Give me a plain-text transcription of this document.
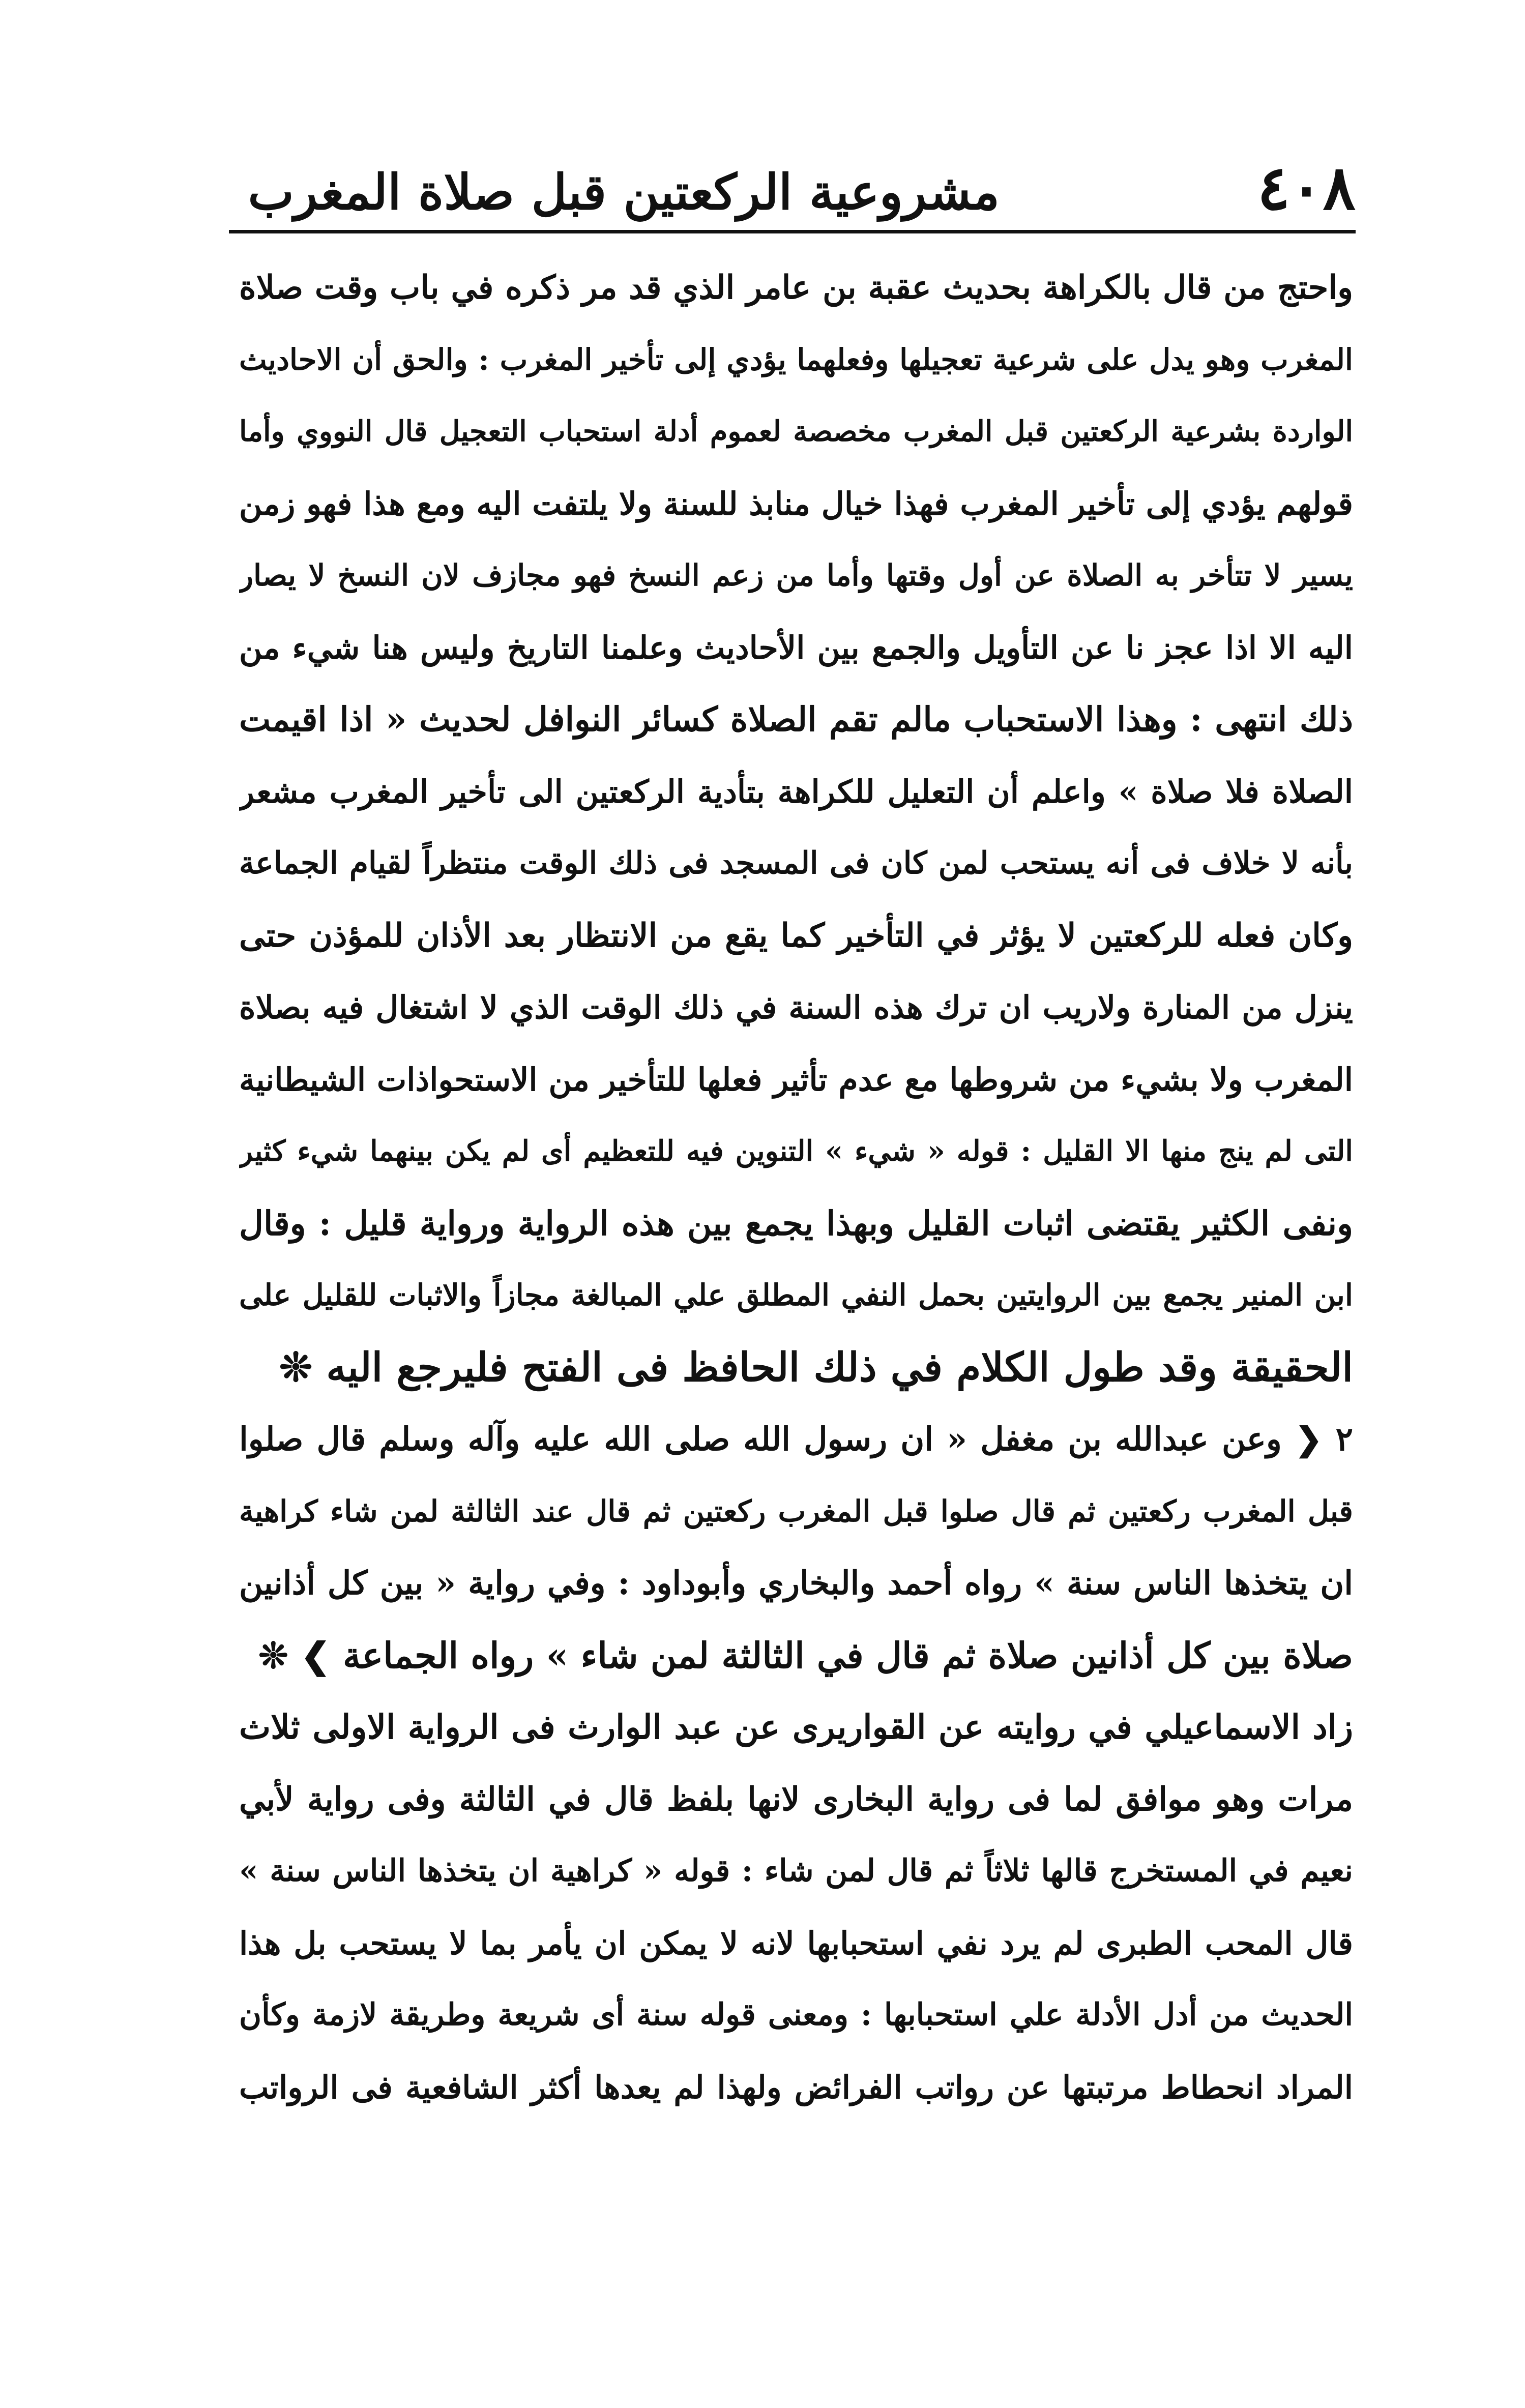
٤٠٨
مشروعية الركعتين قبل صلاة المغرب
واحتج من قال بالكراهة بحديث عقبة بن عامر الذي قد مر ذكره في باب وقت صلاة
المغرب وهو يدل على شرعية تعجيلها وفعلهما يؤدي إلى تأخير المغرب : والحق أن الاحاديث
الواردة بشرعية الركعتين قبل المغرب مخصصة لعموم أدلة استحباب التعجيل قال النووي وأما
قولهم يؤدي إلى تأخير المغرب فهذا خيال منابذ للسنة ولا يلتفت اليه ومع هذا فهو زمن
يسير لا تتأخر به الصلاة عن أول وقتها وأما من زعم النسخ فهو مجازف لان النسخ لا يصار
اليه الا اذا عجز نا عن التأويل والجمع بين الأحاديث وعلمنا التاريخ وليس هنا شيء من
ذلك انتهى : وهذا الاستحباب مالم تقم الصلاة كسائر النوافل لحديث « اذا اقيمت
الصلاة فلا صلاة » واعلم أن التعليل للكراهة بتأدية الركعتين الى تأخير المغرب مشعر
بأنه لا خلاف فى أنه يستحب لمن كان فى المسجد فى ذلك الوقت منتظراً لقيام الجماعة
وكان فعله للركعتين لا يؤثر في التأخير كما يقع من الانتظار بعد الأذان للمؤذن حتى
ينزل من المنارة ولاريب ان ترك هذه السنة في ذلك الوقت الذي لا اشتغال فيه بصلاة
المغرب ولا بشيء من شروطها مع عدم تأثير فعلها للتأخير من الاستحواذات الشيطانية
التى لم ينج منها الا القليل : قوله « شيء » التنوين فيه للتعظيم أى لم يكن بينهما شيء كثير
ونفى الكثير يقتضى اثبات القليل وبهذا يجمع بين هذه الرواية ورواية قليل : وقال
ابن المنير يجمع بين الروايتين بحمل النفي المطلق علي المبالغة مجازاً والاثبات للقليل على
الحقيقة وقد طول الكلام في ذلك الحافظ فى الفتح فليرجع اليه ❊
٢ ❮ وعن عبدالله بن مغفل « ان رسول الله صلى الله عليه وآله وسلم قال صلوا
قبل المغرب ركعتين ثم قال صلوا قبل المغرب ركعتين ثم قال عند الثالثة لمن شاء كراهية
ان يتخذها الناس سنة » رواه أحمد والبخاري وأبوداود : وفي رواية « بين كل أذانين
صلاة بين كل أذانين صلاة ثم قال في الثالثة لمن شاء » رواه الجماعة ❯ ❊
زاد الاسماعيلي في روايته عن القواريرى عن عبد الوارث فى الرواية الاولى ثلاث
مرات وهو موافق لما فى رواية البخارى لانها بلفظ قال في الثالثة وفى رواية لأبي
نعيم في المستخرج قالها ثلاثاً ثم قال لمن شاء : قوله « كراهية ان يتخذها الناس سنة »
قال المحب الطبرى لم يرد نفي استحبابها لانه لا يمكن ان يأمر بما لا يستحب بل هذا
الحديث من أدل الأدلة علي استحبابها : ومعنى قوله سنة أى شريعة وطريقة لازمة وكأن
المراد انحطاط مرتبتها عن رواتب الفرائض ولهذا لم يعدها أكثر الشافعية فى الرواتب
